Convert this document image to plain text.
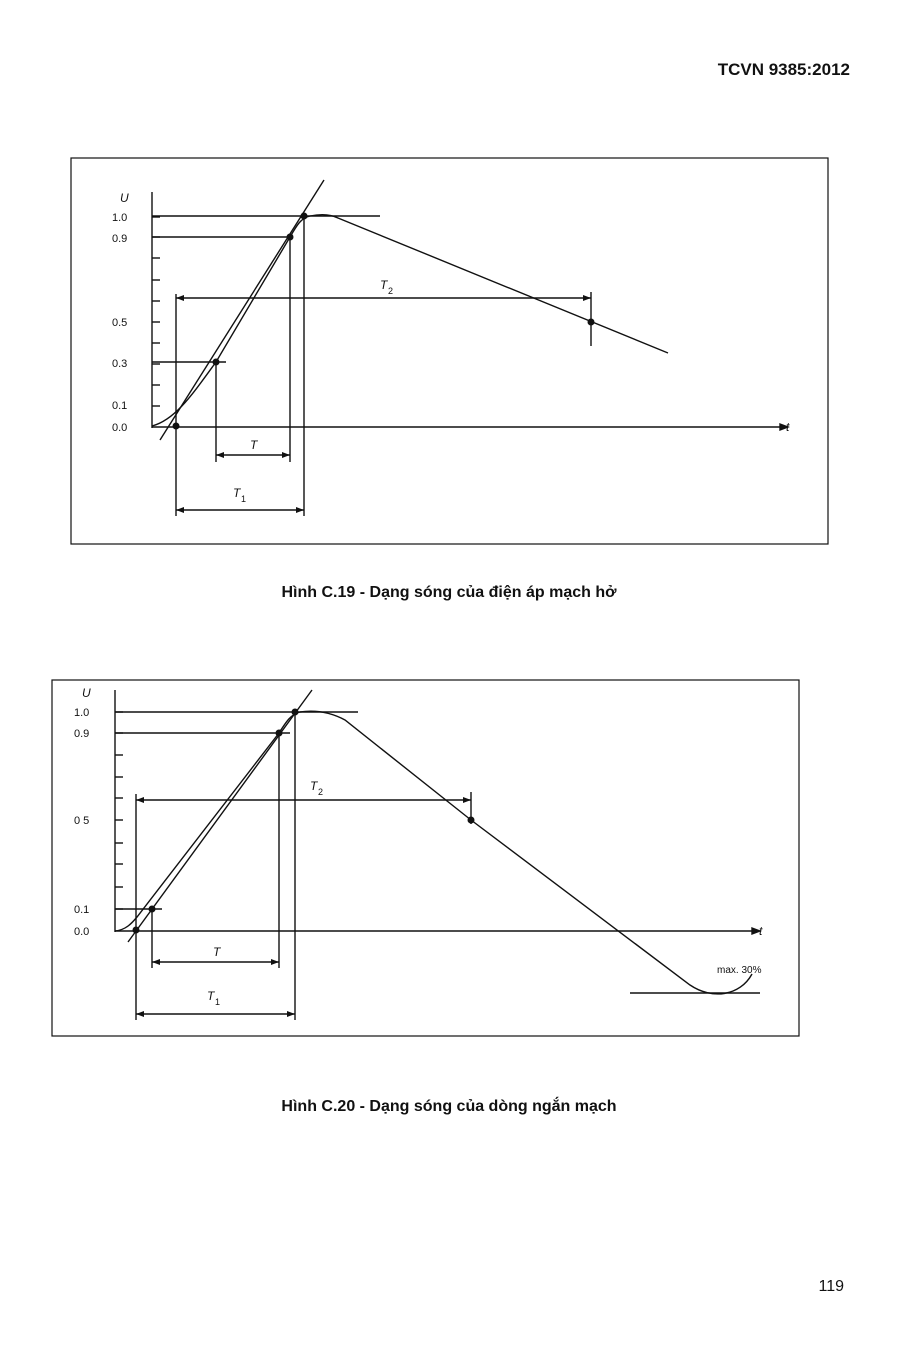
TCVN 9385:2012
U
1.0
0.9
0.5
0.3
0.1
0.0	t
T
T 1
T 2
Hình C.19 - Dạng sóng của điện áp mạch hở
U
1.0
0.9
0 5
0.1
0.0	t
T
T 1
T 2
max. 30%
Hình C.20 - Dạng sóng của dòng ngắn mạch
119
